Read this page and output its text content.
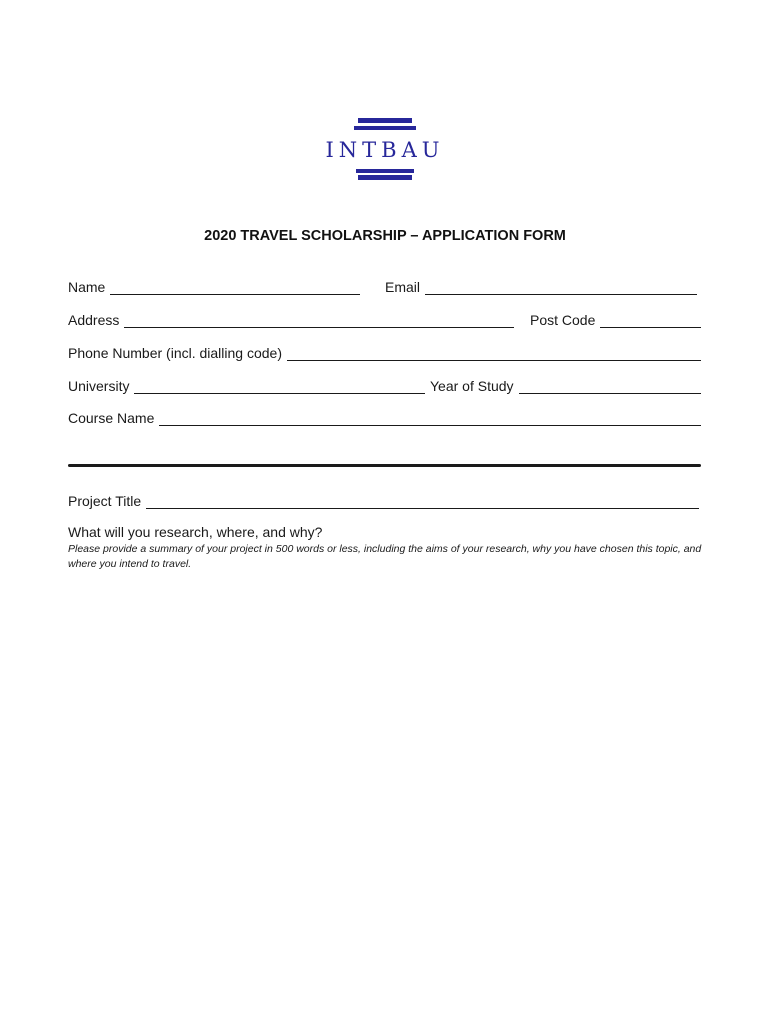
INTBAU
2020 TRAVEL SCHOLARSHIP – APPLICATION FORM
Name	Email
Address	Post Code
Phone Number (incl. dialling code)
University	Year of Study
Course Name
Project Title
What will you research, where, and why?
Please provide a summary of your project in 500 words or less, including the aims of your research, why you have chosen this topic, and where you intend to travel.
